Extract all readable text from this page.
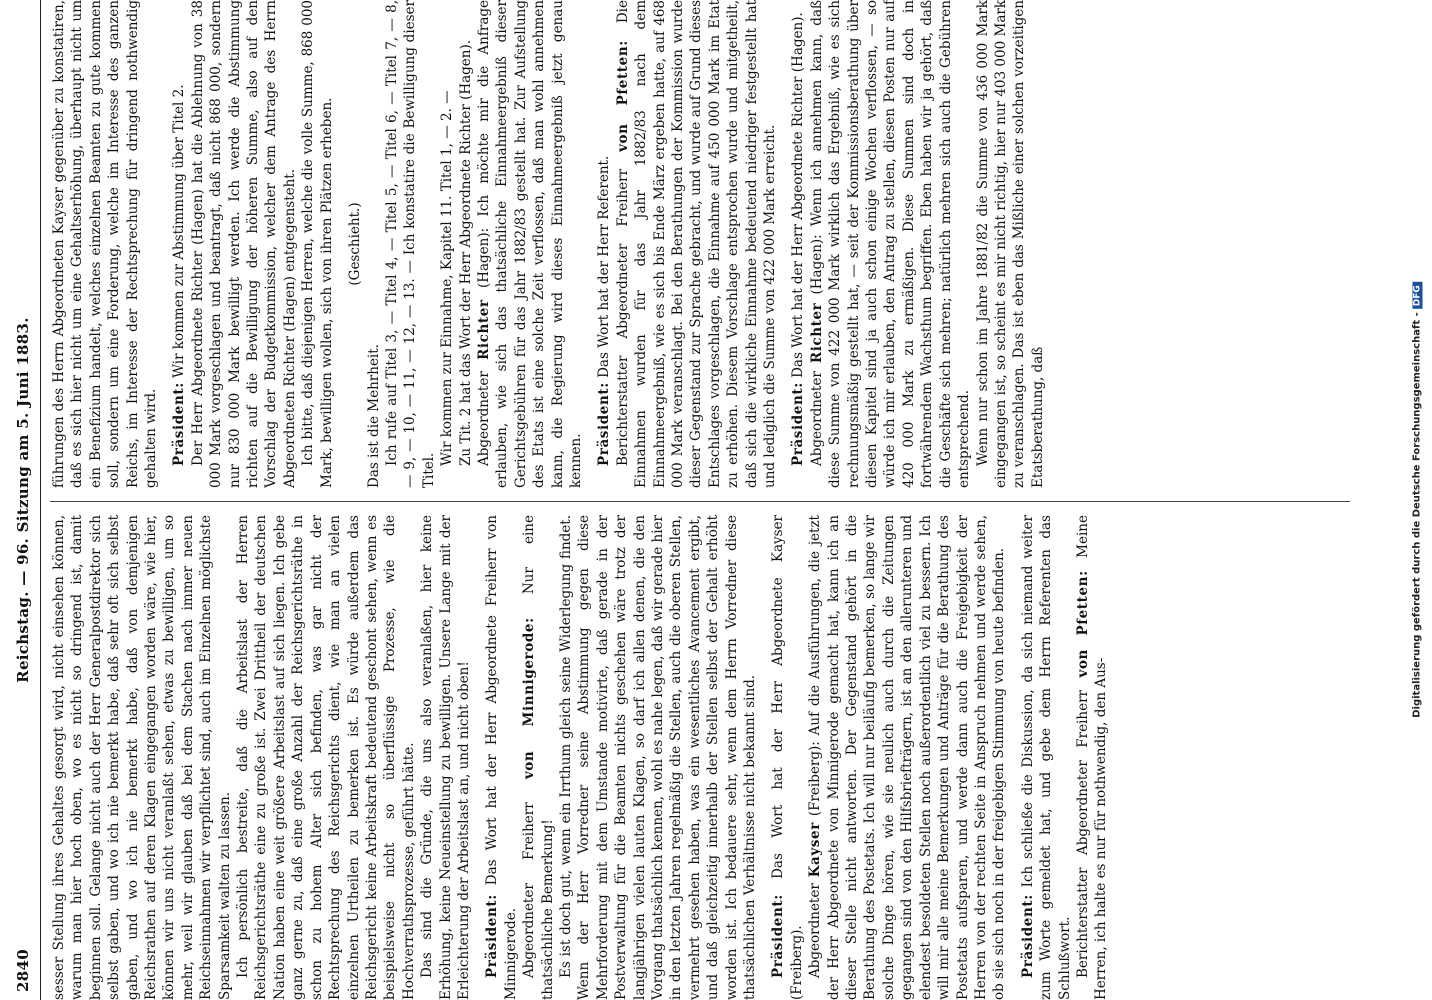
2840
Reichstag. — 96. Sitzung am 5. Juni 1883.

sesser Stellung ihres Gehaltes gesorgt wird, nicht einsehen können, warum man hier hoch oben, wo es nicht so dringend ist, damit beginnen soll. Gelange nicht auch der Herr Generalpostdirektor sich selbst gaben, und wo ich nie bemerkt habe, daß sehr oft sich selbst gaben, und wo ich nie bemerkt habe, daß von demjenigen Reichsrathen auf deren Klagen eingegangen worden wäre, wie hier, können wir uns nicht veranlaßt sehen, etwas zu bewilligen, um so mehr, weil wir glauben daß bei dem Stachen nach immer neuen Reichseinnahmen wir verpflichtet sind, auch im Einzelnen möglichste Sparsamkeit walten zu lassen. Ich persönlich bestreite, daß die Arbeitslast der Herren Reichsgerichtsräthe eine zu große ist. Zwei Drittheil der deutschen Nation haben eine weit größere Arbeitslast auf sich liegen. Ich gebe ganz gerne zu, daß eine große Anzahl der Reichsgerichtsräthe in schon zu hohem Alter sich befinden, was gar nicht der Rechtsprechung des Reichsgerichts dient, wie man an vielen einzelnen Urtheilen zu bemerken ist. Es würde außerdem das Reichsgericht keine Arbeitskraft bedeutend geschont sehen, wenn es beispielsweise nicht so überflüssige Prozesse, wie die Hochverrathsprozesse, geführt hätte. Das sind die Gründe, die uns also veranlaßen, hier keine Erhöhung, keine Neueinstellung zu bewilligen. Unsere Lange mit der Erleichterung der Arbeitslast an, und nicht oben! Präsident: Das Wort hat der Herr Abgeordnete Freiherr von Minnigerode. Abgeordneter Freiherr von Minnigerode: Nur eine thatsächliche Bemerkung! Es ist doch gut, wenn ein Irrthum gleich seine Widerlegung findet. Wenn der Herr Vorredner seine Abstimmung gegen diese Mehrforderung mit dem Umstande motivirte, daß gerade in der Postverwaltung für die Beamten nichts geschehen wäre trotz der langjährigen vielen lauten Klagen, so darf ich allen denen, die den Vorgang thatsächlich kennen, wohl es nahe legen, daß wir gerade hier in den letzten Jahren regelmäßig die Stellen, auch die oberen Stellen, vermehrt gesehen haben, was ein wesentliches Avancement ergibt, und daß gleichzeitig innerhalb der Stellen selbst der Gehalt erhöht worden ist. Ich bedauere sehr, wenn dem Herrn Vorredner diese thatsächlichen Verhältnisse nicht bekannt sind. Präsident: Das Wort hat der Herr Abgeordnete Kayser (Freiberg). Abgeordneter Kayser (Freiberg): Auf die Ausführungen, die jetzt der Herr Abgeordnete von Minnigerode gemacht hat, kann ich an dieser Stelle nicht antworten. Der Gegenstand gehört in die Berathung des Postetats. Ich will nur beiläufig bemerken, so lange wir solche Dinge hören, wie sie neulich auch durch die Zeitungen gegangen sind von den Hilfsbriefträgern, ist an den allerunteren und elendest besoldeten Stellen noch außerordentlich viel zu bessern. Ich will mir alle meine Bemerkungen und Anträge für die Berathung des Postetats aufsparen, und werde dann auch die Freigebigkeit der Herren von der rechten Seite in Anspruch nehmen und werde sehen, ob sie sich noch in der freigebigen Stimmung von heute befinden. Präsident: Ich schließe die Diskussion, da sich niemand weiter zum Worte gemeldet hat, und gebe dem Herrn Referenten das Schlußwort. Berichterstatter Abgeordneter Freiherr von Pfetten: Meine Herren, ich halte es nur für nothwendig, den Aus-

führungen des Herrn Abgeordneten Kayser gegenüber zu konstatiren, daß es sich hier nicht um eine Gehaltserhöhung, überhaupt nicht um ein Benefizium handelt, welches einzelnen Beamten zu gute kommen soll, sondern um eine Forderung, welche im Interesse des ganzen Reichs, im Interesse der Rechtsprechung für dringend nothwendig gehalten wird. Präsident: Wir kommen zur Abstimmung über Titel 2. Der Herr Abgeordnete Richter (Hagen) hat die Ablehnung von 38 000 Mark vorgeschlagen und beantragt, daß nicht 868 000, sondern nur 830 000 Mark bewilligt werden. Ich werde die Abstimmung richten auf die Bewilligung der höheren Summe, also auf den Vorschlag der Budgetkommission, welcher dem Antrage des Herrn Abgeordneten Richter (Hagen) entgegensteht. Ich bitte, daß diejenigen Herren, welche die volle Summe, 868 000 Mark, bewilligen wollen, sich von ihren Plätzen erheben. (Geschieht.)

Das ist die Mehrheit. Ich rufe auf Titel 3, — Titel 4, — Titel 5, — Titel 6, — Titel 7, — 8, — 9, — 10, — 11, — 12, — 13. — Ich konstatire die Bewilligung dieser Titel.

Wir kommen zur Einnahme, Kapitel 11. Titel 1, — 2. — Zu Tit. 2 hat das Wort der Herr Abgeordnete Richter (Hagen). Abgeordneter Richter (Hagen): Ich möchte mir die Anfrage erlauben, wie sich das thatsächliche Einnahmeergebniß dieser Gerichtsgebühren für das Jahr 1882/83 gestellt hat. Zur Aufstellung des Etats ist eine solche Zeit verflossen, daß man wohl annehmen kann, die Regierung wird dieses Einnahmeergebniß jetzt genau kennen. Präsident: Das Wort hat der Herr Referent. Berichterstatter Abgeordneter Freiherr von Pfetten: Die Einnahmen wurden für das Jahr 1882/83 nach dem Einnahmeergebniß, wie es sich bis Ende März ergeben hatte, auf 468 000 Mark veranschlagt. Bei den Berathungen der Kommission wurde dieser Gegenstand zur Sprache gebracht, und wurde auf Grund dieses Entschlages vorgeschlagen, die Einnahme auf 450 000 Mark im Etat zu erhöhen. Diesem Vorschlage entsprochen wurde und mitgetheilt, daß sich die wirkliche Einnahme bedeutend niedriger festgestellt hat und lediglich die Summe von 422 000 Mark erreicht. Präsident: Das Wort hat der Herr Abgeordnete Richter (Hagen).

Abgeordneter Richter (Hagen): Wenn ich annehmen kann, daß diese Summe von 422 000 Mark wirklich das Ergebniß, wie es sich rechnungsmäßig gestellt hat, — seit der Kommissionsberathung über diesen Kapitel sind ja auch schon einige Wochen verflossen, — so würde ich mir erlauben, den Antrag zu stellen, diesen Posten nur auf 420 000 Mark zu ermäßigen. Diese Summen sind doch in fortwährendem Wachsthum begriffen. Eben haben wir ja gehört, daß die Geschäfte sich mehren; natürlich mehren sich auch die Gebühren entsprechend. Wenn nur schon im Jahre 1881/82 die Summe von 436 000 Mark eingegangen ist, so scheint es mir nicht richtig, hier nur 403 000 Mark zu veranschlagen. Das ist eben das Mißliche einer solchen vorzeitigen Etatsberathung, daß	Digitalisierung gefördert durch die Deutsche Forschungsgemeinschaft -DFG
